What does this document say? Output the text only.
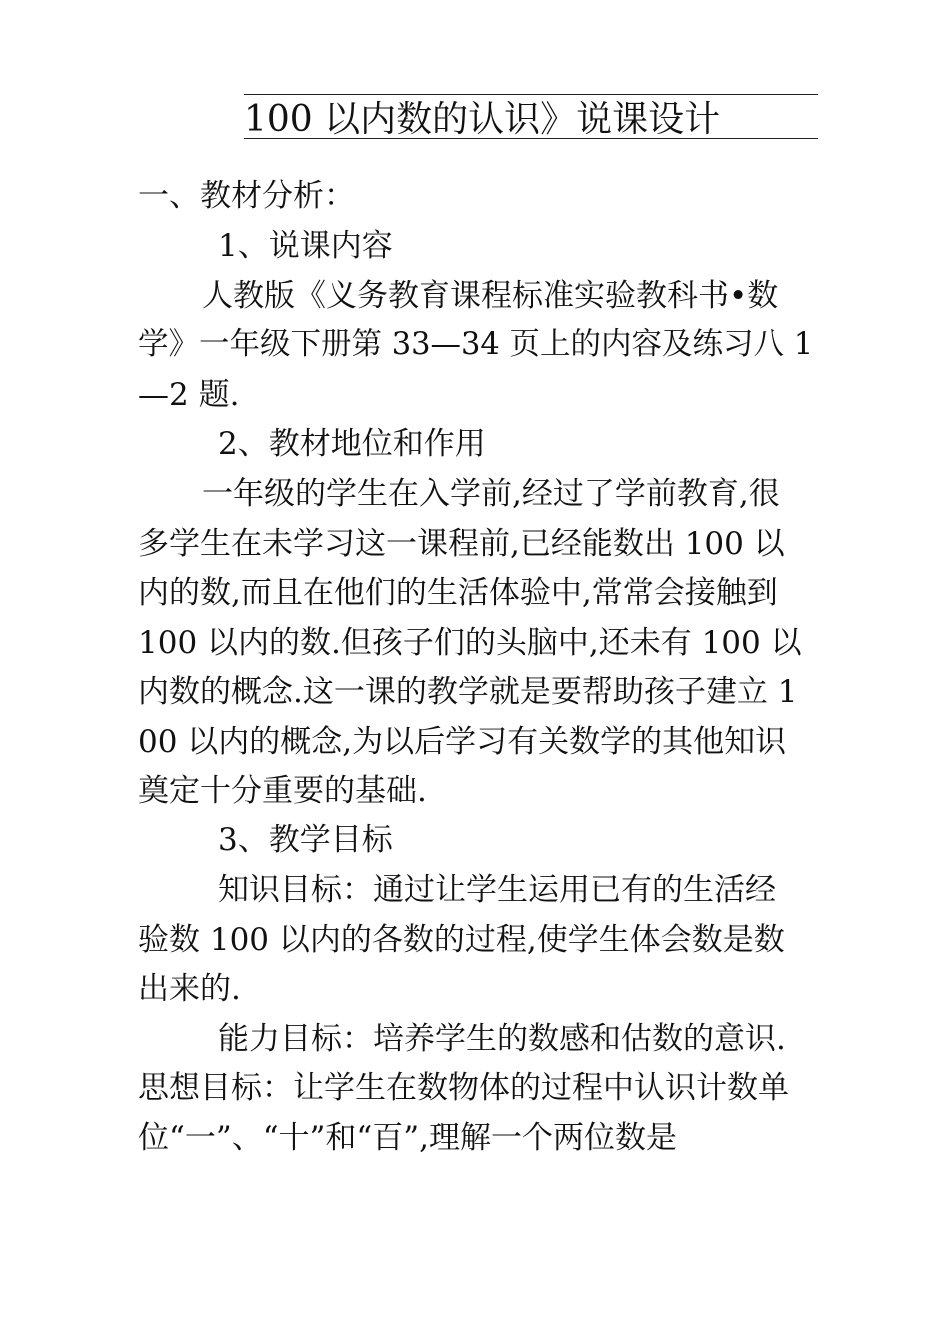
100 以内数的认识》说课设计
一、教材分析：
1、说课内容
人教版《义务教育课程标准实验教科书•数
学》一年级下册第 33—34 页上的内容及练习八 1
—2 题.
2、教材地位和作用
一年级的学生在入学前,经过了学前教育,很
多学生在未学习这一课程前,已经能数出 100 以
内的数,而且在他们的生活体验中,常常会接触到
100 以内的数.但孩子们的头脑中,还未有 100 以
内数的概念.这一课的教学就是要帮助孩子建立 1
00 以内的概念,为以后学习有关数学的其他知识
奠定十分重要的基础.
3、教学目标
知识目标：通过让学生运用已有的生活经
验数 100 以内的各数的过程,使学生体会数是数
出来的.
能力目标：培养学生的数感和估数的意识.
思想目标：让学生在数物体的过程中认识计数单
位“一”、“十”和“百”,理解一个两位数是
